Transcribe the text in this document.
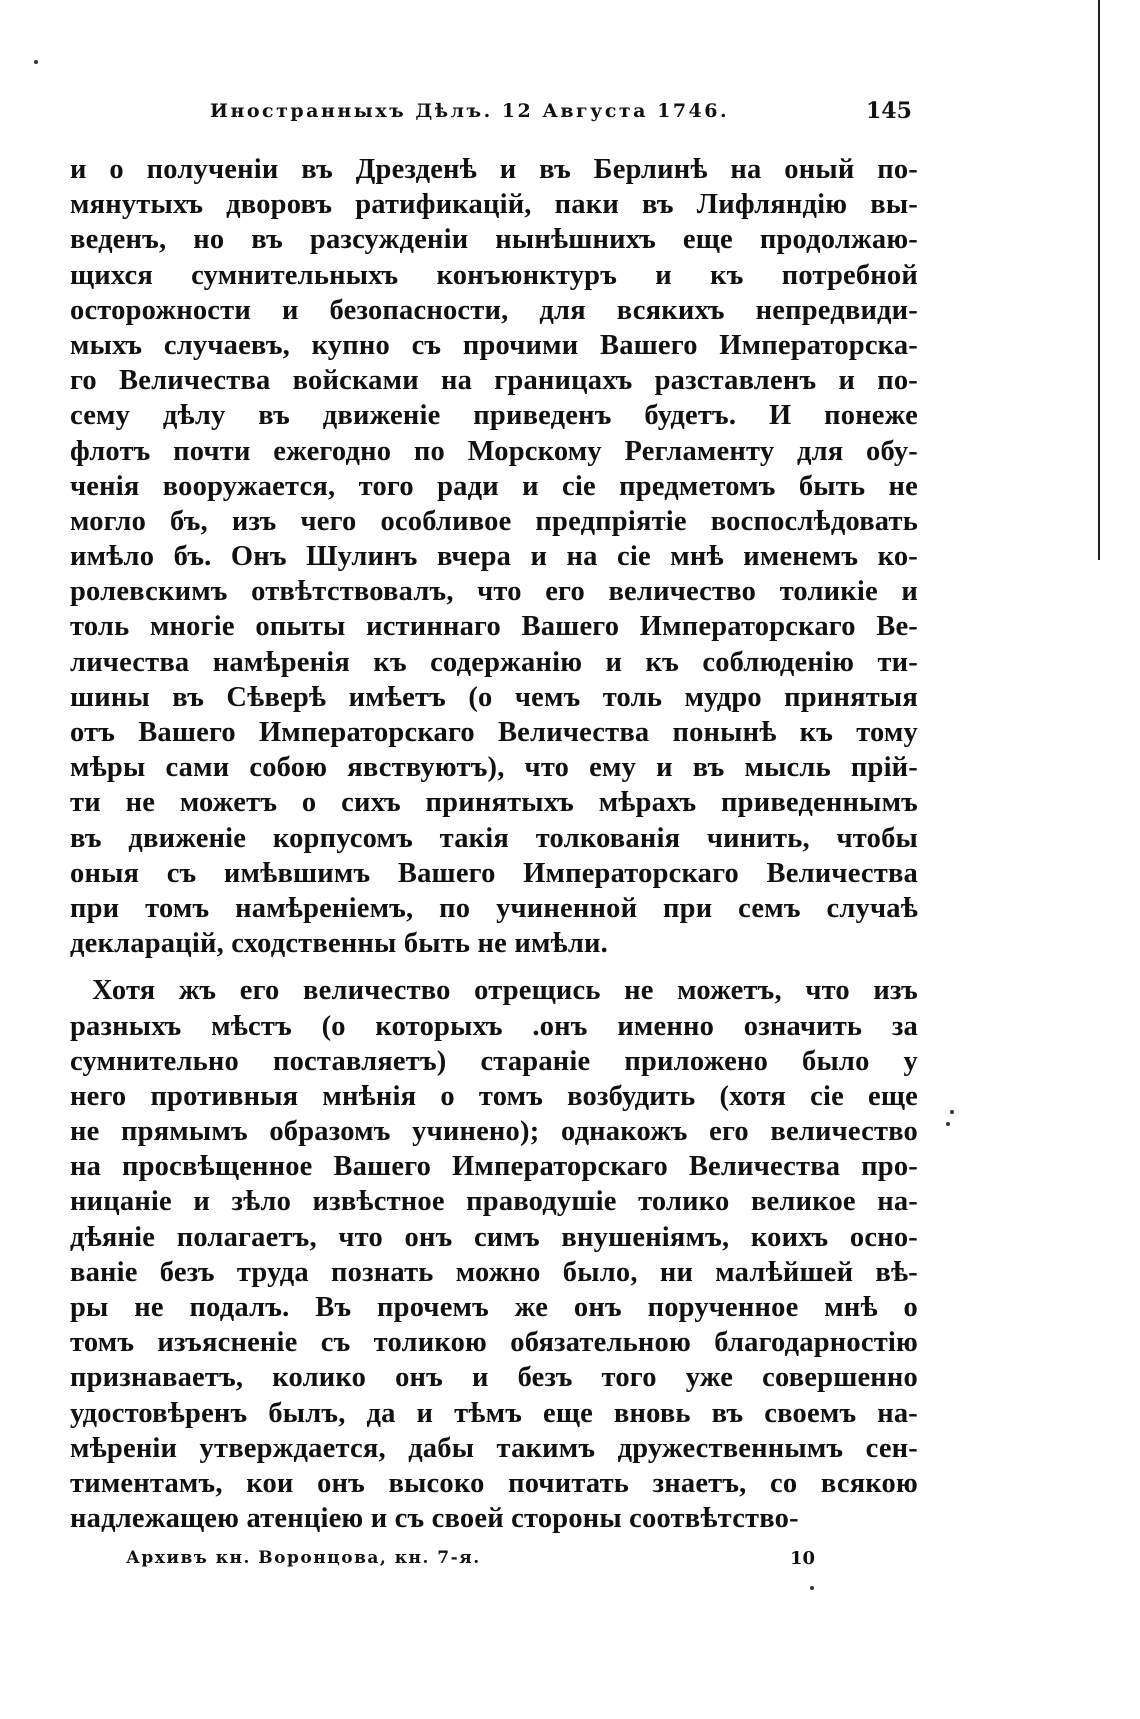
Иностранныхъ Дѣлъ. 12 Августа 1746.	145
и о полученіи въ Дрезденѣ и въ Берлинѣ на оный по-
мянутыхъ дворовъ ратификацій, паки въ Лифляндію вы-
веденъ, но въ разсужденіи нынѣшнихъ еще продолжаю-
щихся сумнительныхъ конъюнктуръ и къ потребной
осторожности и безопасности, для всякихъ непредвиди-
мыхъ случаевъ, купно съ прочими Вашего Императорска-
го Величества войсками на границахъ разставленъ и по-
сему дѣлу въ движеніе приведенъ будетъ. И понеже
флотъ почти ежегодно по Морскому Регламенту для обу-
ченія вооружается, того ради и сіе предметомъ быть не
могло бъ, изъ чего особливое предпріятіе воспослѣдовать
имѣло бъ. Онъ Шулинъ вчера и на сіе мнѣ именемъ ко-
ролевскимъ отвѣтствовалъ, что его величество толикіе и
толь многіе опыты истиннаго Вашего Императорскаго Ве-
личества намѣренія къ содержанію и къ соблюденію ти-
шины въ Сѣверѣ имѣетъ (о чемъ толь мудро принятыя
отъ Вашего Императорскаго Величества понынѣ къ тому
мѣры сами собою явствуютъ), что ему и въ мысль прій-
ти не можетъ о сихъ принятыхъ мѣрахъ приведеннымъ
въ движеніе корпусомъ такія толкованія чинить, чтобы
оныя съ имѣвшимъ Вашего Императорскаго Величества
при томъ намѣреніемъ, по учиненной при семъ случаѣ
декларацій, сходственны быть не имѣли.
Хотя жъ его величество отрещись не можетъ, что изъ
разныхъ мѣстъ (о которыхъ .онъ именно означить за
сумнительно поставляетъ) стараніе приложено было у
него противныя мнѣнія о томъ возбудить (хотя сіе еще
не прямымъ образомъ учинено); однакожъ его величество
на просвѣщенное Вашего Императорскаго Величества про-
ницаніе и зѣло извѣстное праводушіе толико великое на-
дѣяніе полагаетъ, что онъ симъ внушеніямъ, коихъ осно-
ваніе безъ труда познать можно было, ни малѣйшей вѣ-
ры не подалъ. Въ прочемъ же онъ порученное мнѣ о
томъ изъясненіе съ толикою обязательною благодарностію
признаваетъ, колико онъ и безъ того уже совершенно
удостовѣренъ былъ, да и тѣмъ еще вновь въ своемъ на-
мѣреніи утверждается, дабы такимъ дружественнымъ сен-
тиментамъ, кои онъ высоко почитать знаетъ, со всякою
надлежащею атенціею и съ своей стороны соотвѣтство-
Архивъ кн. Воронцова, кн. 7-я.	10
